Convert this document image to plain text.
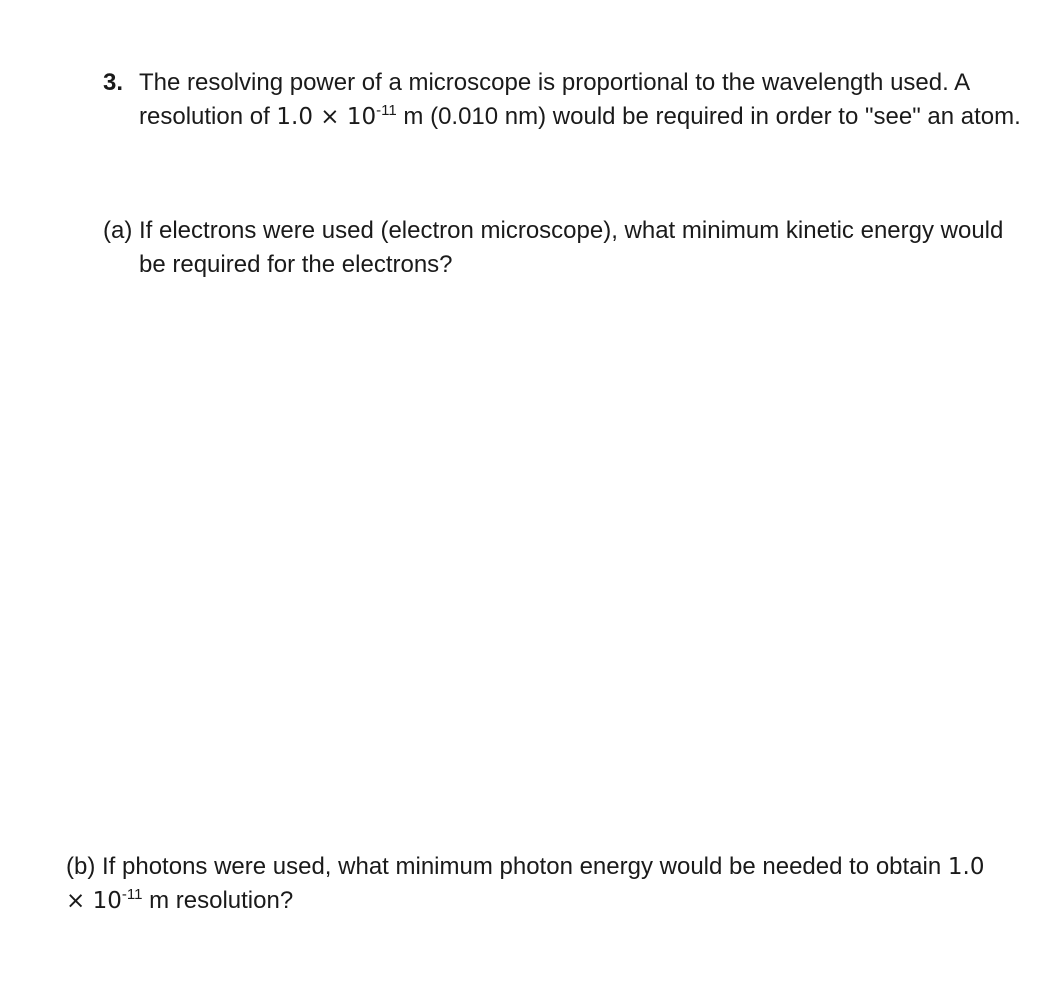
3. The resolving power of a microscope is proportional to the wavelength used. A resolution of $1.0 \times 10^{-11}$ m (0.010 nm) would be required in order to "see" an atom.
(a) If electrons were used (electron microscope), what minimum kinetic energy would be required for the electrons?
(b) If photons were used, what minimum photon energy would be needed to obtain $1.0 \times 10^{-11}$ m resolution?
